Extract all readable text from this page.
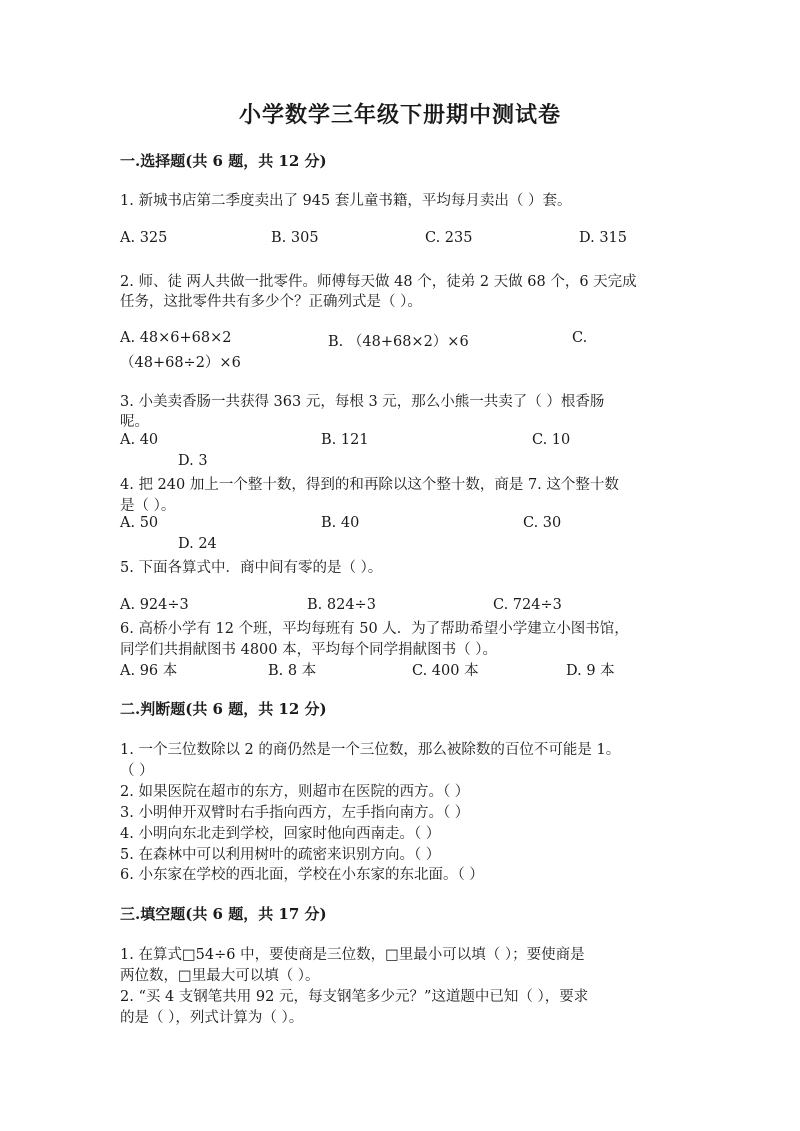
小学数学三年级下册期中测试卷
一.选择题(共 6 题，共 12 分)
1. 新城书店第二季度卖出了 945 套儿童书籍，平均每月卖出（ ）套。
A. 325	B. 305	C. 235	D. 315
2. 师、徒 两人共做一批零件。师傅每天做 48 个，徒弟 2 天做 68 个，6 天完成
任务，这批零件共有多少个？正确列式是（ ）。
A. 48×6+68×2	B. （48+68×2）×6	C.
（48+68÷2）×6
3. 小美卖香肠一共获得 363 元，每根 3 元，那么小熊一共卖了（ ）根香肠
呢。
A. 40	B. 121	C. 10
D. 3
4. 把 240 加上一个整十数，得到的和再除以这个整十数，商是 7. 这个整十数
是（ ）。
A. 50	B. 40	C. 30
D. 24
5. 下面各算式中．商中间有零的是（ ）。
A. 924÷3	B. 824÷3	C. 724÷3
6. 高桥小学有 12 个班，平均每班有 50 人．为了帮助希望小学建立小图书馆，
同学们共捐献图书 4800 本，平均每个同学捐献图书（ ）。
A. 96 本	B. 8 本	C. 400 本	D. 9 本
二.判断题(共 6 题，共 12 分)
1. 一个三位数除以 2 的商仍然是一个三位数，那么被除数的百位不可能是 1。
（ ）
2. 如果医院在超市的东方，则超市在医院的西方。（ ）
3. 小明伸开双臂时右手指向西方，左手指向南方。（ ）
4. 小明向东北走到学校，回家时他向西南走。（ ）
5. 在森林中可以利用树叶的疏密来识别方向。（ ）
6. 小东家在学校的西北面，学校在小东家的东北面。（ ）
三.填空题(共 6 题，共 17 分)
1. 在算式□54÷6 中，要使商是三位数，□里最小可以填（ ）；要使商是
两位数，□里最大可以填（ ）。
2. “买 4 支钢笔共用 92 元，每支钢笔多少元？”这道题中已知（ ），要求
的是（ ），列式计算为（ ）。
